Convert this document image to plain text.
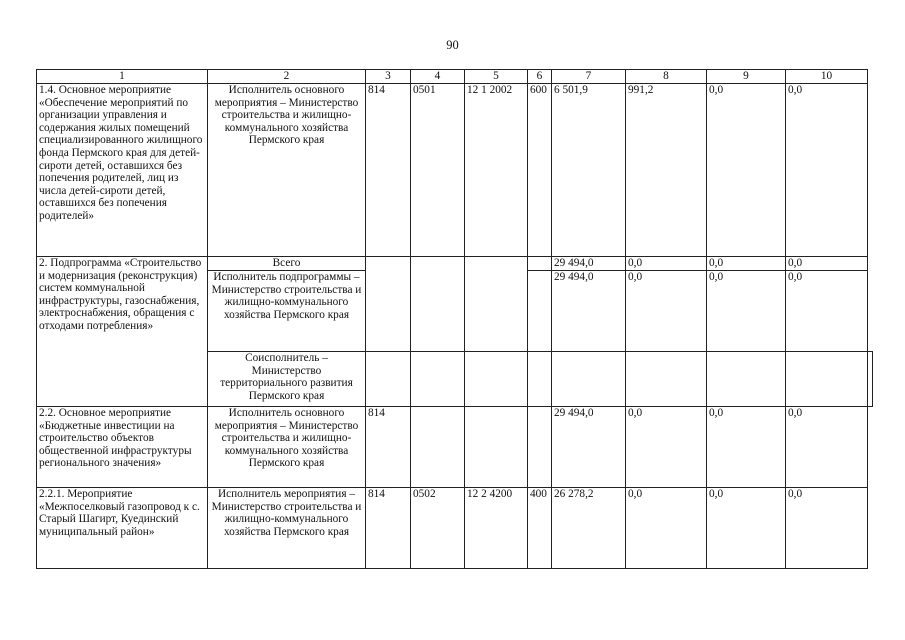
90
1	2	3	4	5	6	7	8	9	10	
1.4. Основное мероприятие «Обеспечение мероприятий по организации управления и содержания жилых помещений специализированного жилищного фонда Пермского края для детей-сироти детей, оставшихся без попечения родителей, лиц из числа детей-сироти детей, оставшихся без попечения родителей»	Исполнитель основного мероприятия – Министерство строительства и жилищно-коммунального хозяйства Пермского края	814	0501	12 1 2002	600	6 501,9	991,2	0,0	0,0	
2. Подпрограмма «Строительство и модернизация (реконструкция) систем коммунальной инфраструктуры, газоснабжения, электроснабжения, обращения с отходами потребления»	Всего					29 494,0	0,0	0,0	0,0	
	Исполнитель подпрограммы – Министерство строительства и жилищно-коммунального хозяйства Пермского края					29 494,0	0,0	0,0	0,0	
	Соисполнитель – Министерство территориального развития Пермского края									
2.2. Основное мероприятие «Бюджетные инвестиции на строительство объектов общественной инфраструктуры регионального значения»	Исполнитель основного мероприятия – Министерство строительства и жилищно-коммунального хозяйства Пермского края	814				29 494,0	0,0	0,0	0,0	
2.2.1. Мероприятие «Межпоселковый газопровод к с. Старый Шагирт, Куединский муниципальный район»	Исполнитель мероприятия – Министерство строительства и жилищно-коммунального хозяйства Пермского края	814	0502	12 2 4200	400	26 278,2	0,0	0,0	0,0	
